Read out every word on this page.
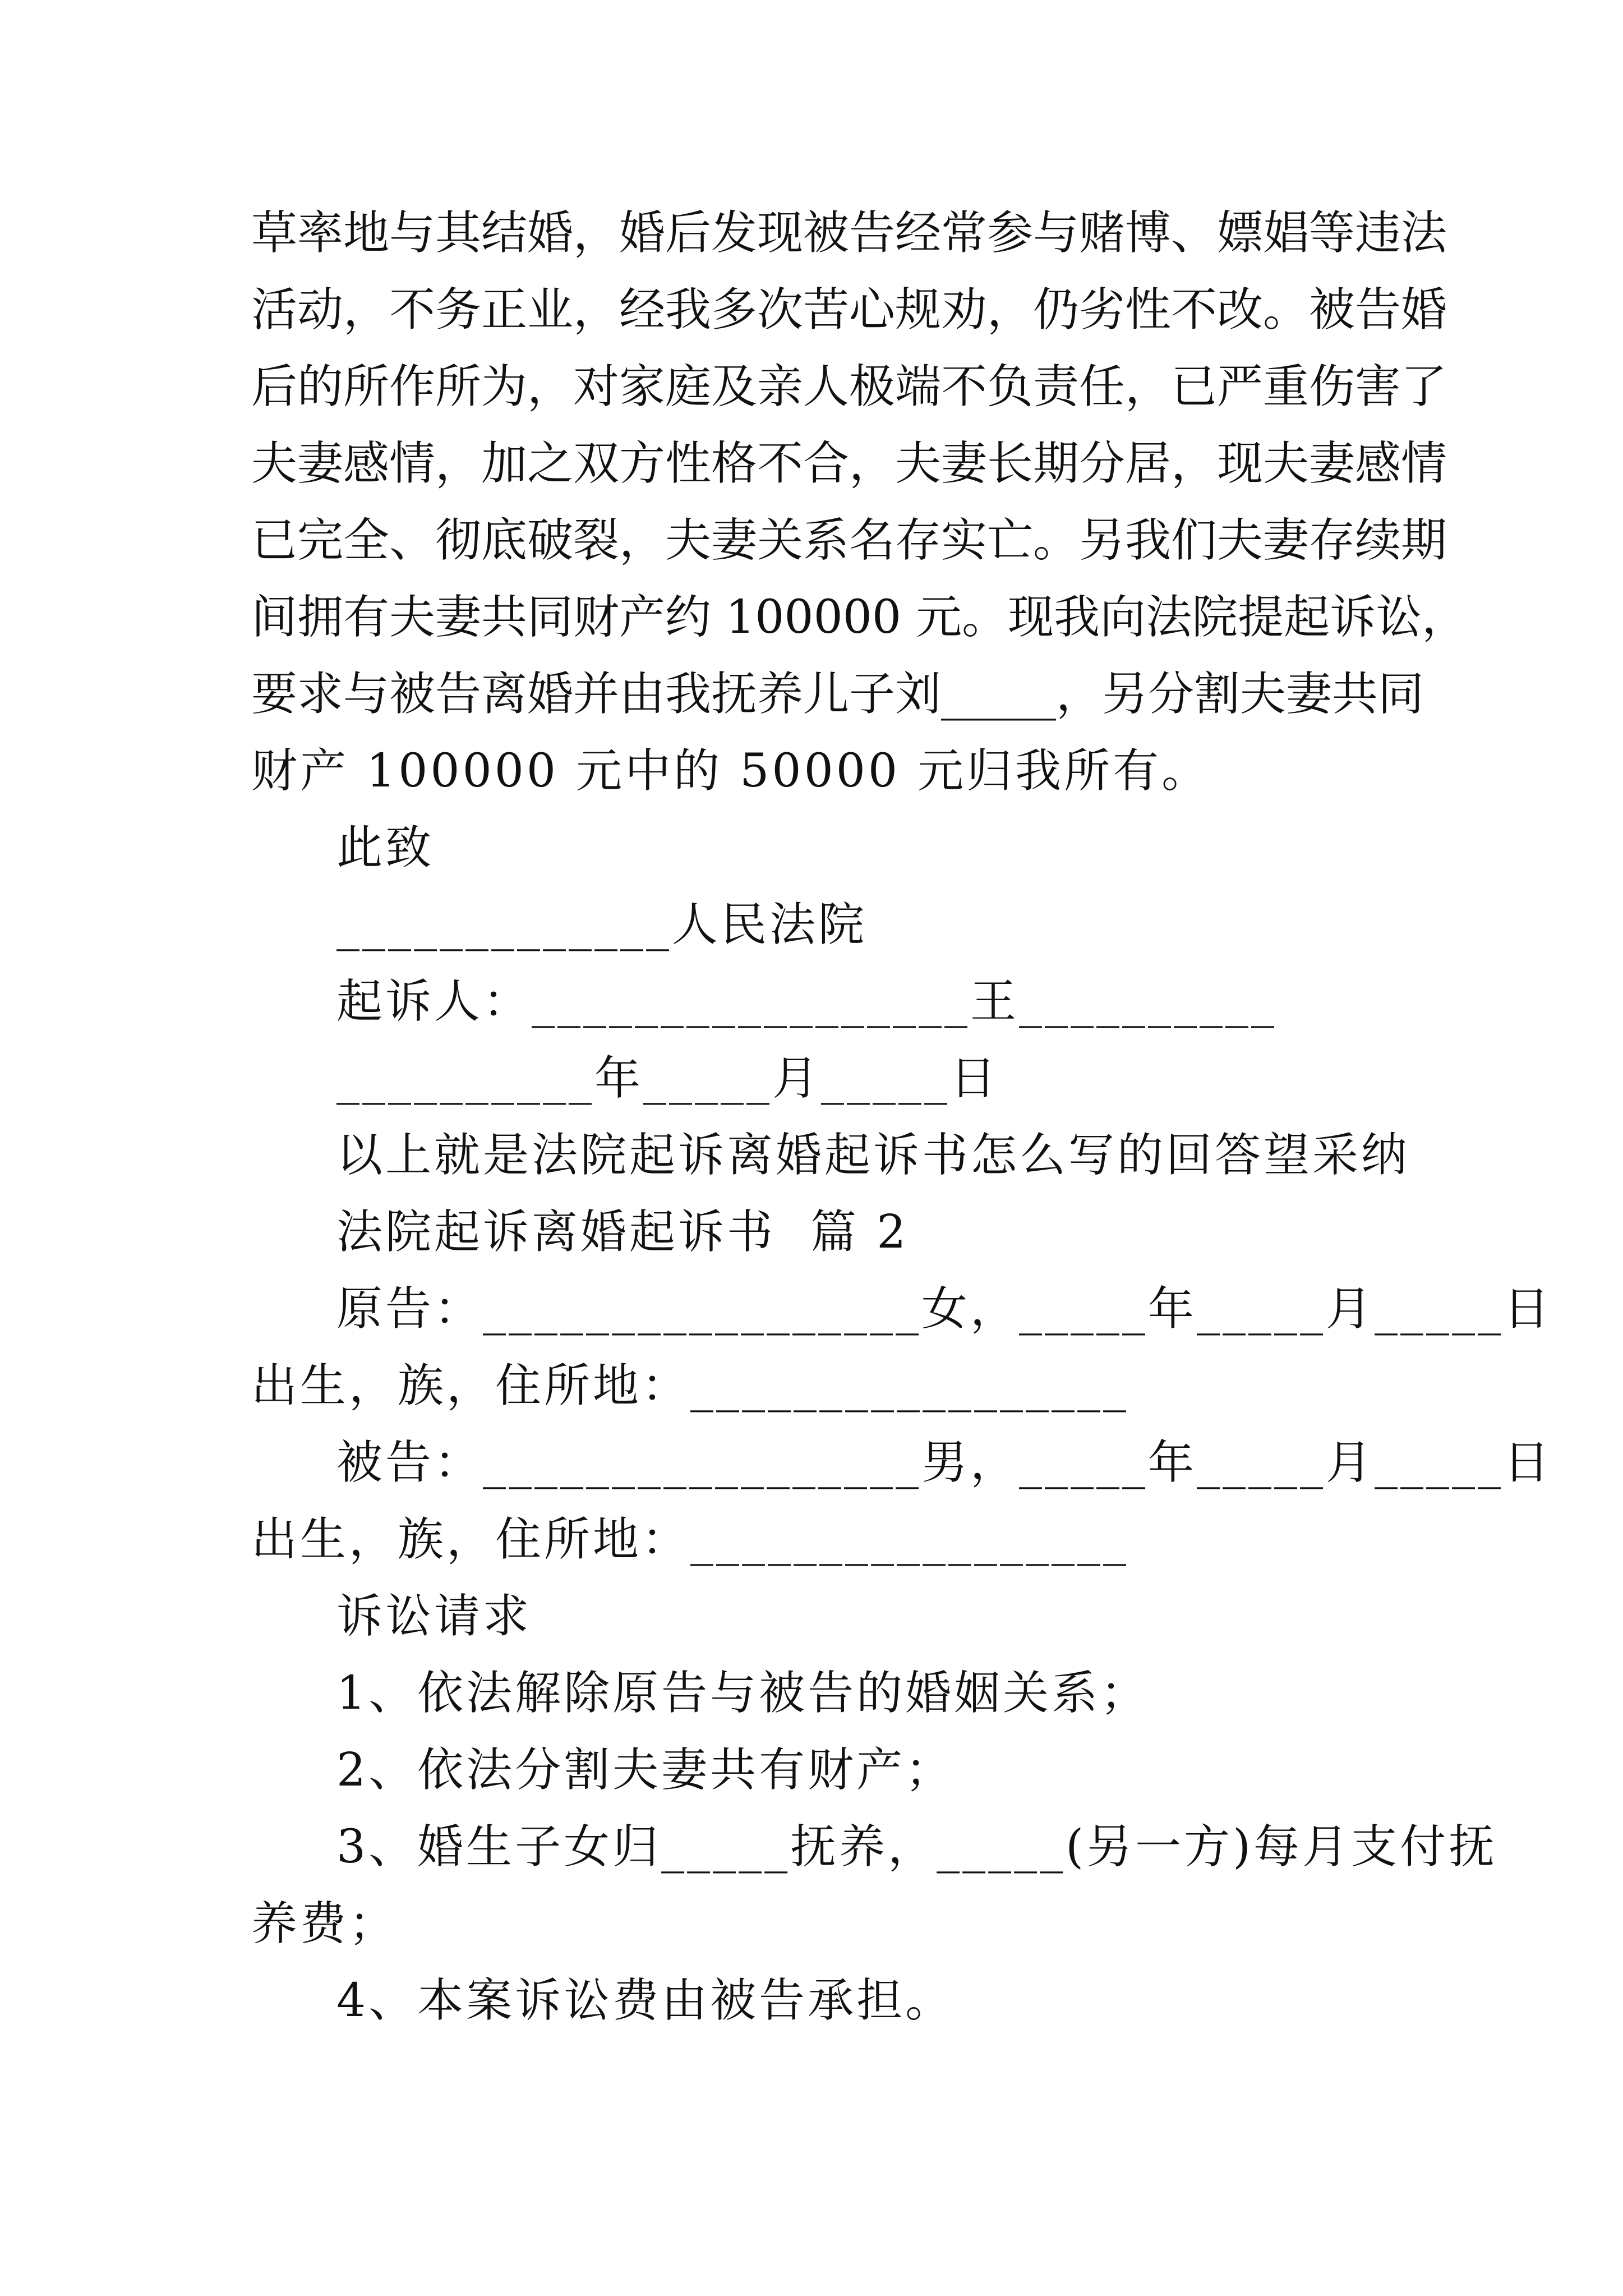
草率地与其结婚，婚后发现被告经常参与赌博、嫖娼等违法
活动，不务正业，经我多次苦心规劝，仍劣性不改。被告婚
后的所作所为，对家庭及亲人极端不负责任，已严重伤害了
夫妻感情，加之双方性格不合，夫妻长期分居，现夫妻感情
已完全、彻底破裂，夫妻关系名存实亡。另我们夫妻存续期
间拥有夫妻共同财产约 100000 元。现我向法院提起诉讼，
要求与被告离婚并由我抚养儿子刘_____，另分割夫妻共同
财产 100000 元中的 50000 元归我所有。
此致
_____________人民法院
起诉人：_________________王__________
__________年_____月_____日
以上就是法院起诉离婚起诉书怎么写的回答望采纳
法院起诉离婚起诉书  篇 2
原告：_________________女，_____年_____月_____日
出生，族，住所地：_________________
被告：_________________男，_____年_____月_____日
出生，族，住所地：_________________
诉讼请求
1、依法解除原告与被告的婚姻关系；
2、依法分割夫妻共有财产；
3、婚生子女归_____抚养，_____(另一方)每月支付抚
养费；
4、本案诉讼费由被告承担。
